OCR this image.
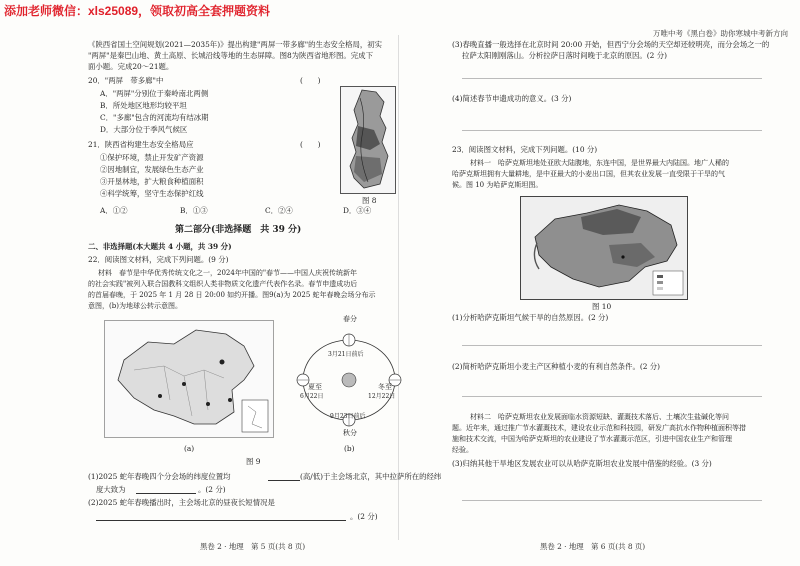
添加老师微信：xls25089，领取初高全套押题资料
万唯中考《黑白卷》助你寒城中考新方向
《陕西省国土空间规划(2021—2035年)》提出构建"两屏一带多廊"的生态安全格局，初实
"两屏"是秦巴山地、黄土高原、长城沿线等地的生态屏障。图8为陕西省地形图。完成下
面小题。完成20～21题。
20．"两屏　带多廊"中	(　　)
A．"两屏"分别位于秦岭南北两侧
B．所处地区地形均较平坦
C．"多廊"包含的河流均有结冰期
D．大部分位于季风气候区
21．陕西省构建生态安全格局应	(　　)
①保护环境，禁止开发矿产资源
②因地制宜，发展绿色生态产业
③开垦林地，扩大粮食种植面积
④科学统筹，坚守生态保护红线
A．①②	B．①③	C．②④	D．③④
图 8
第二部分(非选择题　共 39 分)
二、非选择题(本大题共 4 小题，共 39 分)
22．阅读图文材料，完成下列问题。(9 分)
材料　春节是中华优秀传统文化之一，2024年中国的"春节——中国人庆祝传统新年
的社会实践"被列入联合国教科文组织人类非物质文化遗产代表作名录。春节申遗成功后
的首届春晚，于 2025 年 1 月 28 日 20:00 如约开播。图9(a)为 2025 蛇年春晚会场分布示
意图，(b)为地球公转示意图。
(a)
春分
夏至
秋分
冬至
3月21日前后
6月22日
9月23日前后
12月22日
(b)
图 9
(1)2025 蛇年春晚四个分会场的纬度位置均	(高/低)于主会场北京，其中拉萨所在的经纬
度大致为	。(2 分)
(2)2025 蛇年春晚播出时，主会场北京的昼夜长短情况是
。(2 分)
黑卷 2 · 地理　第 5 页(共 8 页)
(3)春晚直播一般选择在北京时间 20:00 开始，但西宁分会场的天空却还较明亮，而分会场之一的
拉萨太阳刚刚落山。分析拉萨日落时间晚于北京的原因。(2 分)
(4)简述春节申遗成功的意义。(3 分)
23．阅读图文材料，完成下列问题。(10 分)
材料一　哈萨克斯坦地处亚欧大陆腹地，东连中国，是世界最大内陆国。地广人稀的
哈萨克斯坦拥有大量耕地，是中亚最大的小麦出口国，但其农业发展一直受限于干旱的气
候。图 10 为哈萨克斯坦图。
图 10
(1)分析哈萨克斯坦气候干旱的自然原因。(2 分)
(2)简析哈萨克斯坦小麦主产区种植小麦的有利自然条件。(2 分)
材料二　哈萨克斯坦农业发展面临水资源短缺、灌溉技术落后、土壤次生盐碱化等问
题。近年来，通过推广节水灌溉技术，建设农业示范和科技园，研发广高抗水作物种植面积等措
施和技术交流，中国为哈萨克斯坦的农业建设了节水灌溉示范区，引进中国农业生产和管理
经验。
(3)归纳其他干旱地区发展农业可以从哈萨克斯坦农业发展中借鉴的经验。(3 分)
黑卷 2 · 地理　第 6 页(共 8 页)
